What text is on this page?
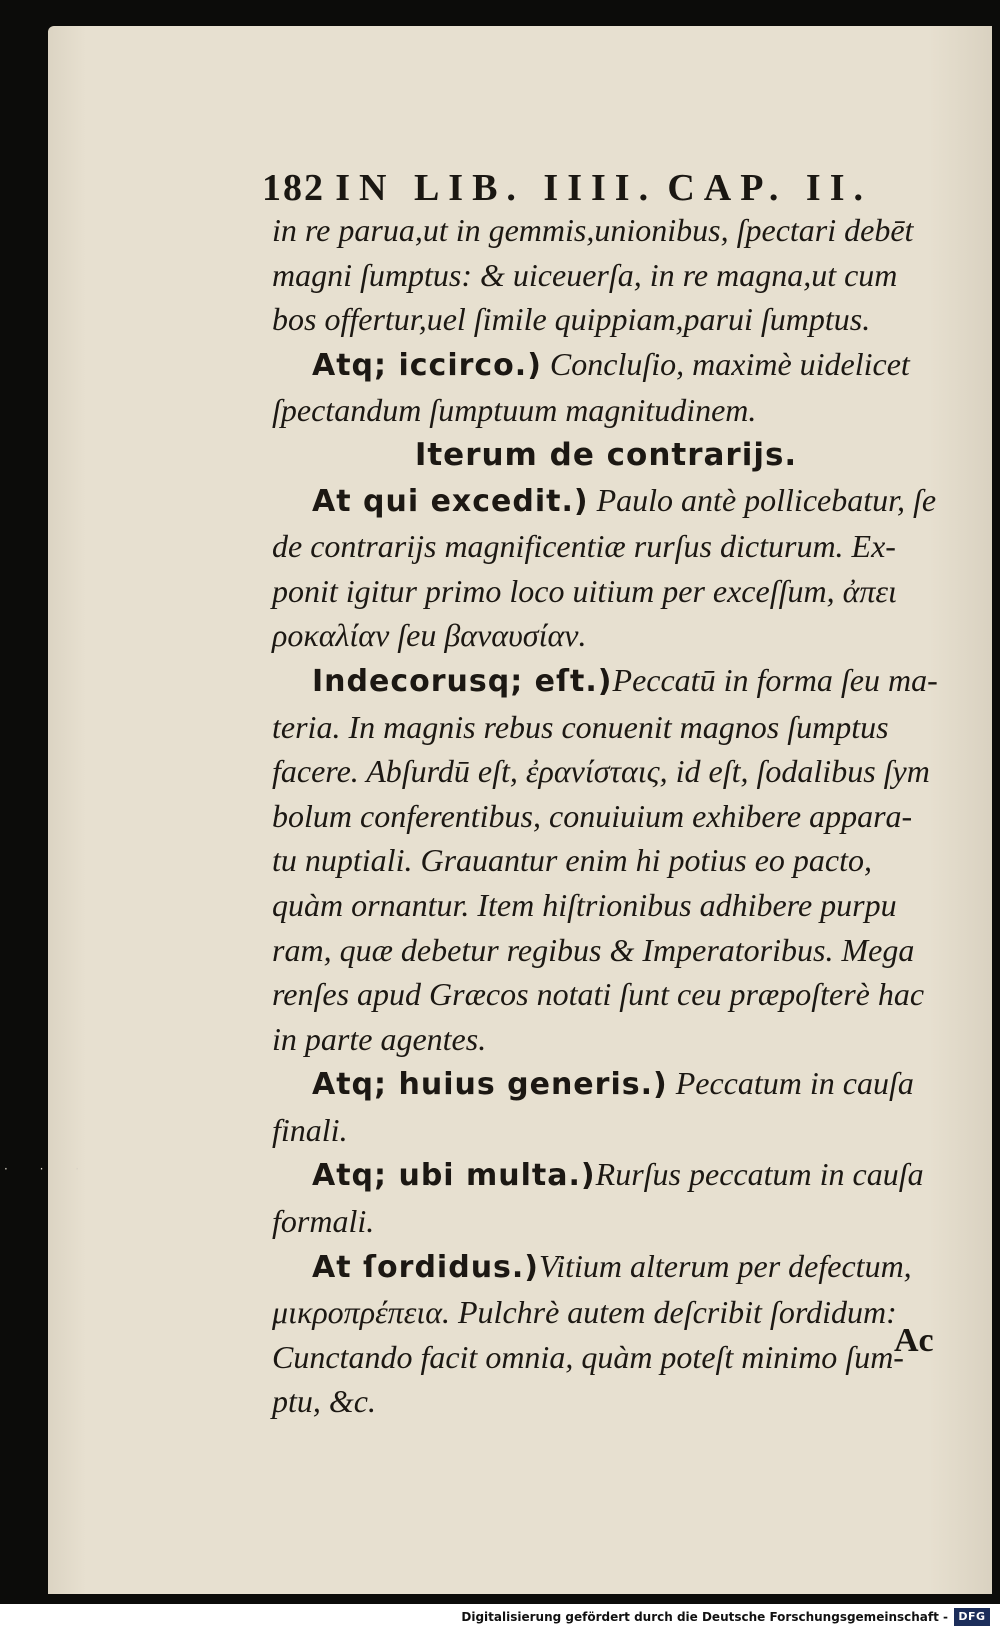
· · ·
182 IN LIB. IIII. CAP. II.
in re parua,ut in gemmis,unionibus, ſpectari debēt
magni ſumptus: & uiceuerſa, in re magna,ut cum
bos offertur,uel ſimile quippiam,parui ſumptus.
Atq; iccirco.) Concluſio, maximè uidelicet
ſpectandum ſumptuum magnitudinem.
Iterum de contrarijs.
At qui excedit.) Paulo antè pollicebatur, ſe
de contrarijs magnificentiæ rurſus dicturum. Ex-
ponit igitur primo loco uitium per exceſſum, ἀπει
ροκαλίαν ſeu βαναυσίαν.
Indecorusq; eſt.)Peccatū in forma ſeu ma-
teria. In magnis rebus conuenit magnos ſumptus
facere. Abſurdū eſt, ἐρανίσταις, id eſt, ſodalibus ſym
bolum conferentibus, conuiuium exhibere appara-
tu nuptiali. Grauantur enim hi potius eo pacto,
quàm ornantur. Item hiſtrionibus adhibere purpu
ram, quæ debetur regibus & Imperatoribus. Mega
renſes apud Græcos notati ſunt ceu præpoſterè hac
in parte agentes.
Atq; huius generis.) Peccatum in cauſa
finali.
Atq; ubi multa.)Rurſus peccatum in cauſa
formali.
At ſordidus.)Vitium alterum per defectum,
μικροπρέπεια. Pulchrè autem deſcribit ſordidum:
Cunctando facit omnia, quàm poteſt minimo ſum-
ptu, &c.
Ac
Digitalisierung gefördert durch die Deutsche Forschungsgemeinschaft - DFG
